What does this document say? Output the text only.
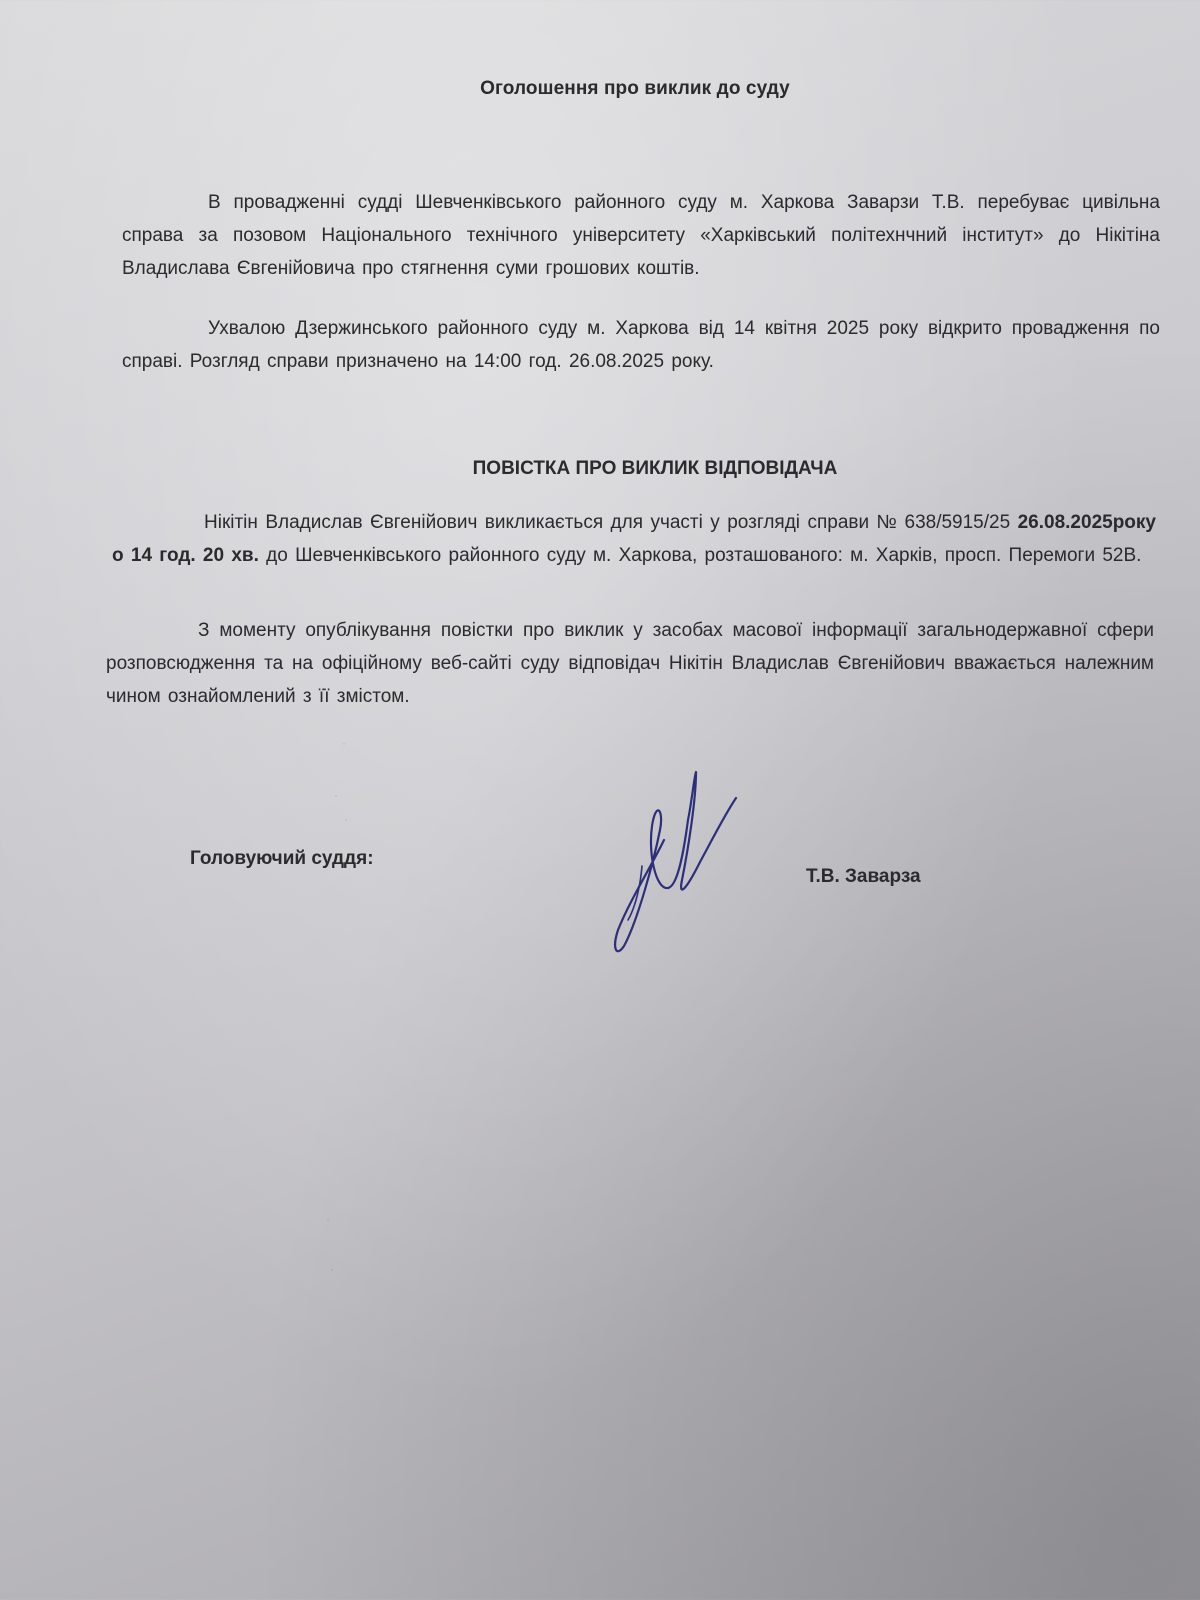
Оголошення про виклик до суду
В провадженні судді Шевченківського районного суду м. Харкова Заварзи Т.В. перебуває цивільна справа за позовом Національного технічного університету «Харківський політехнчний інститут» до Нікітіна Владислава Євгенійовича про стягнення суми грошових коштів.
Ухвалою Дзержинського районного суду м. Харкова від 14 квітня 2025 року відкрито провадження по справі. Розгляд справи призначено на 14:00 год. 26.08.2025 року.
ПОВІСТКА ПРО ВИКЛИК ВІДПОВІДАЧА
Нікітін Владислав Євгенійович викликається для участі у розгляді справи № 638/5915/25 26.08.2025року о 14 год. 20 хв. до Шевченківського районного суду м. Харкова, розташованого: м. Харків, просп. Перемоги 52В.
З моменту опублікування повістки про виклик у засобах масової інформації загальнодержавної сфери розповсюдження та на офіційному веб-сайті суду відповідач Нікітін Владислав Євгенійович вважається належним чином ознайомлений з її змістом.
Головуючий суддя:
Т.В. Заварза
·
·
·
·
·
